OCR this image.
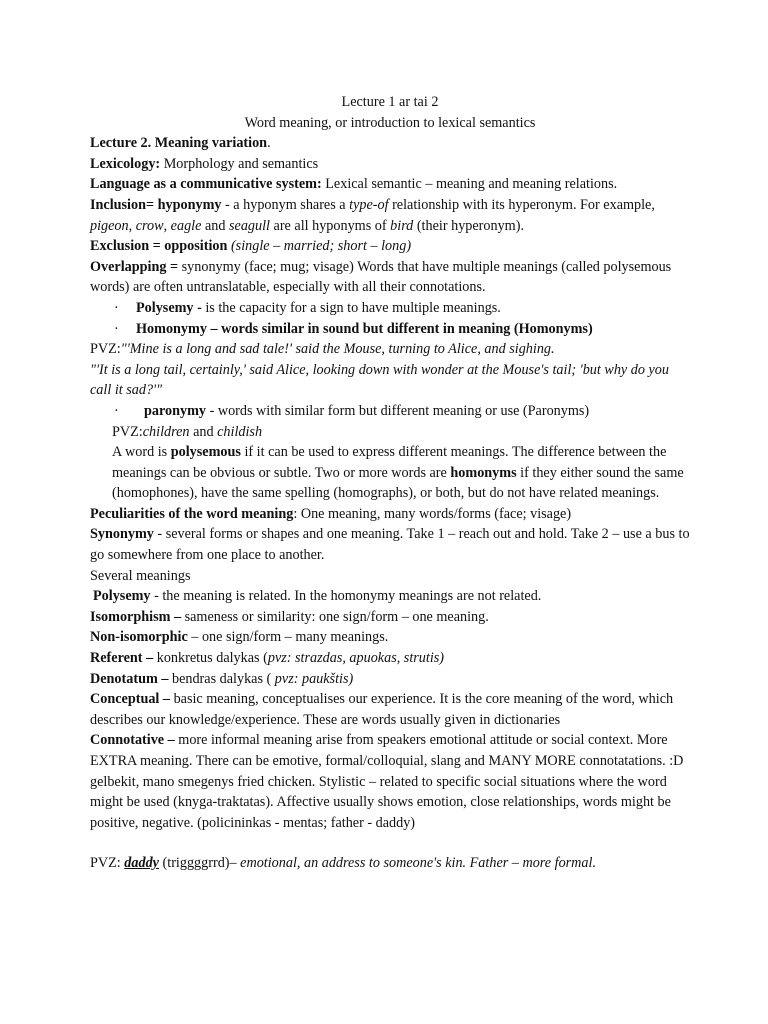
Lecture 1 ar tai 2

Word meaning, or introduction to lexical semantics

Lecture 2. Meaning variation.

Lexicology: Morphology and semantics

Language as a communicative system: Lexical semantic – meaning and meaning relations.

Inclusion= hyponymy - a hyponym shares a type-of relationship with its hyperonym. For example, pigeon, crow, eagle and seagull are all hyponyms of bird (their hyperonym).

Exclusion = opposition (single – married; short – long)

Overlapping = synonymy (face; mug; visage) Words that have multiple meanings (called polysemous words) are often untranslatable, especially with all their connotations.

· Polysemy - is the capacity for a sign to have multiple meanings.

· Homonymy – words similar in sound but different in meaning (Homonyms)

PVZ:"'Mine is a long and sad tale!' said the Mouse, turning to Alice, and sighing.

"'It is a long tail, certainly,' said Alice, looking down with wonder at the Mouse's tail; 'but why do you call it sad?'"

· paronymy - words with similar form but different meaning or use (Paronyms)

PVZ:children and childish

A word is polysemous if it can be used to express different meanings. The difference between the meanings can be obvious or subtle. Two or more words are homonyms if they either sound the same (homophones), have the same spelling (homographs), or both, but do not have related meanings.

Peculiarities of the word meaning: One meaning, many words/forms (face; visage)

Synonymy - several forms or shapes and one meaning. Take 1 – reach out and hold. Take 2 – use a bus to go somewhere from one place to another.

Several meanings

Polysemy - the meaning is related. In the homonymy meanings are not related.

Isomorphism – sameness or similarity: one sign/form – one meaning.

Non-isomorphic – one sign/form – many meanings.

Referent – konkretus dalykas (pvz: strazdas, apuokas, strutis)

Denotatum – bendras dalykas ( pvz: paukštis)

Conceptual – basic meaning, conceptualises our experience. It is the core meaning of the word, which describes our knowledge/experience. These are words usually given in dictionaries

Connotative – more informal meaning arise from speakers emotional attitude or social context. More EXTRA meaning. There can be emotive, formal/colloquial, slang and MANY MORE connotatations. :D gelbekit, mano smegenys fried chicken. Stylistic – related to specific social situations where the word might be used (knyga-traktatas). Affective usually shows emotion, close relationships, words might be positive, negative. (policininkas - mentas; father - daddy)

PVZ: daddy (triggggrrd)– emotional, an address to someone's kin. Father – more formal.
